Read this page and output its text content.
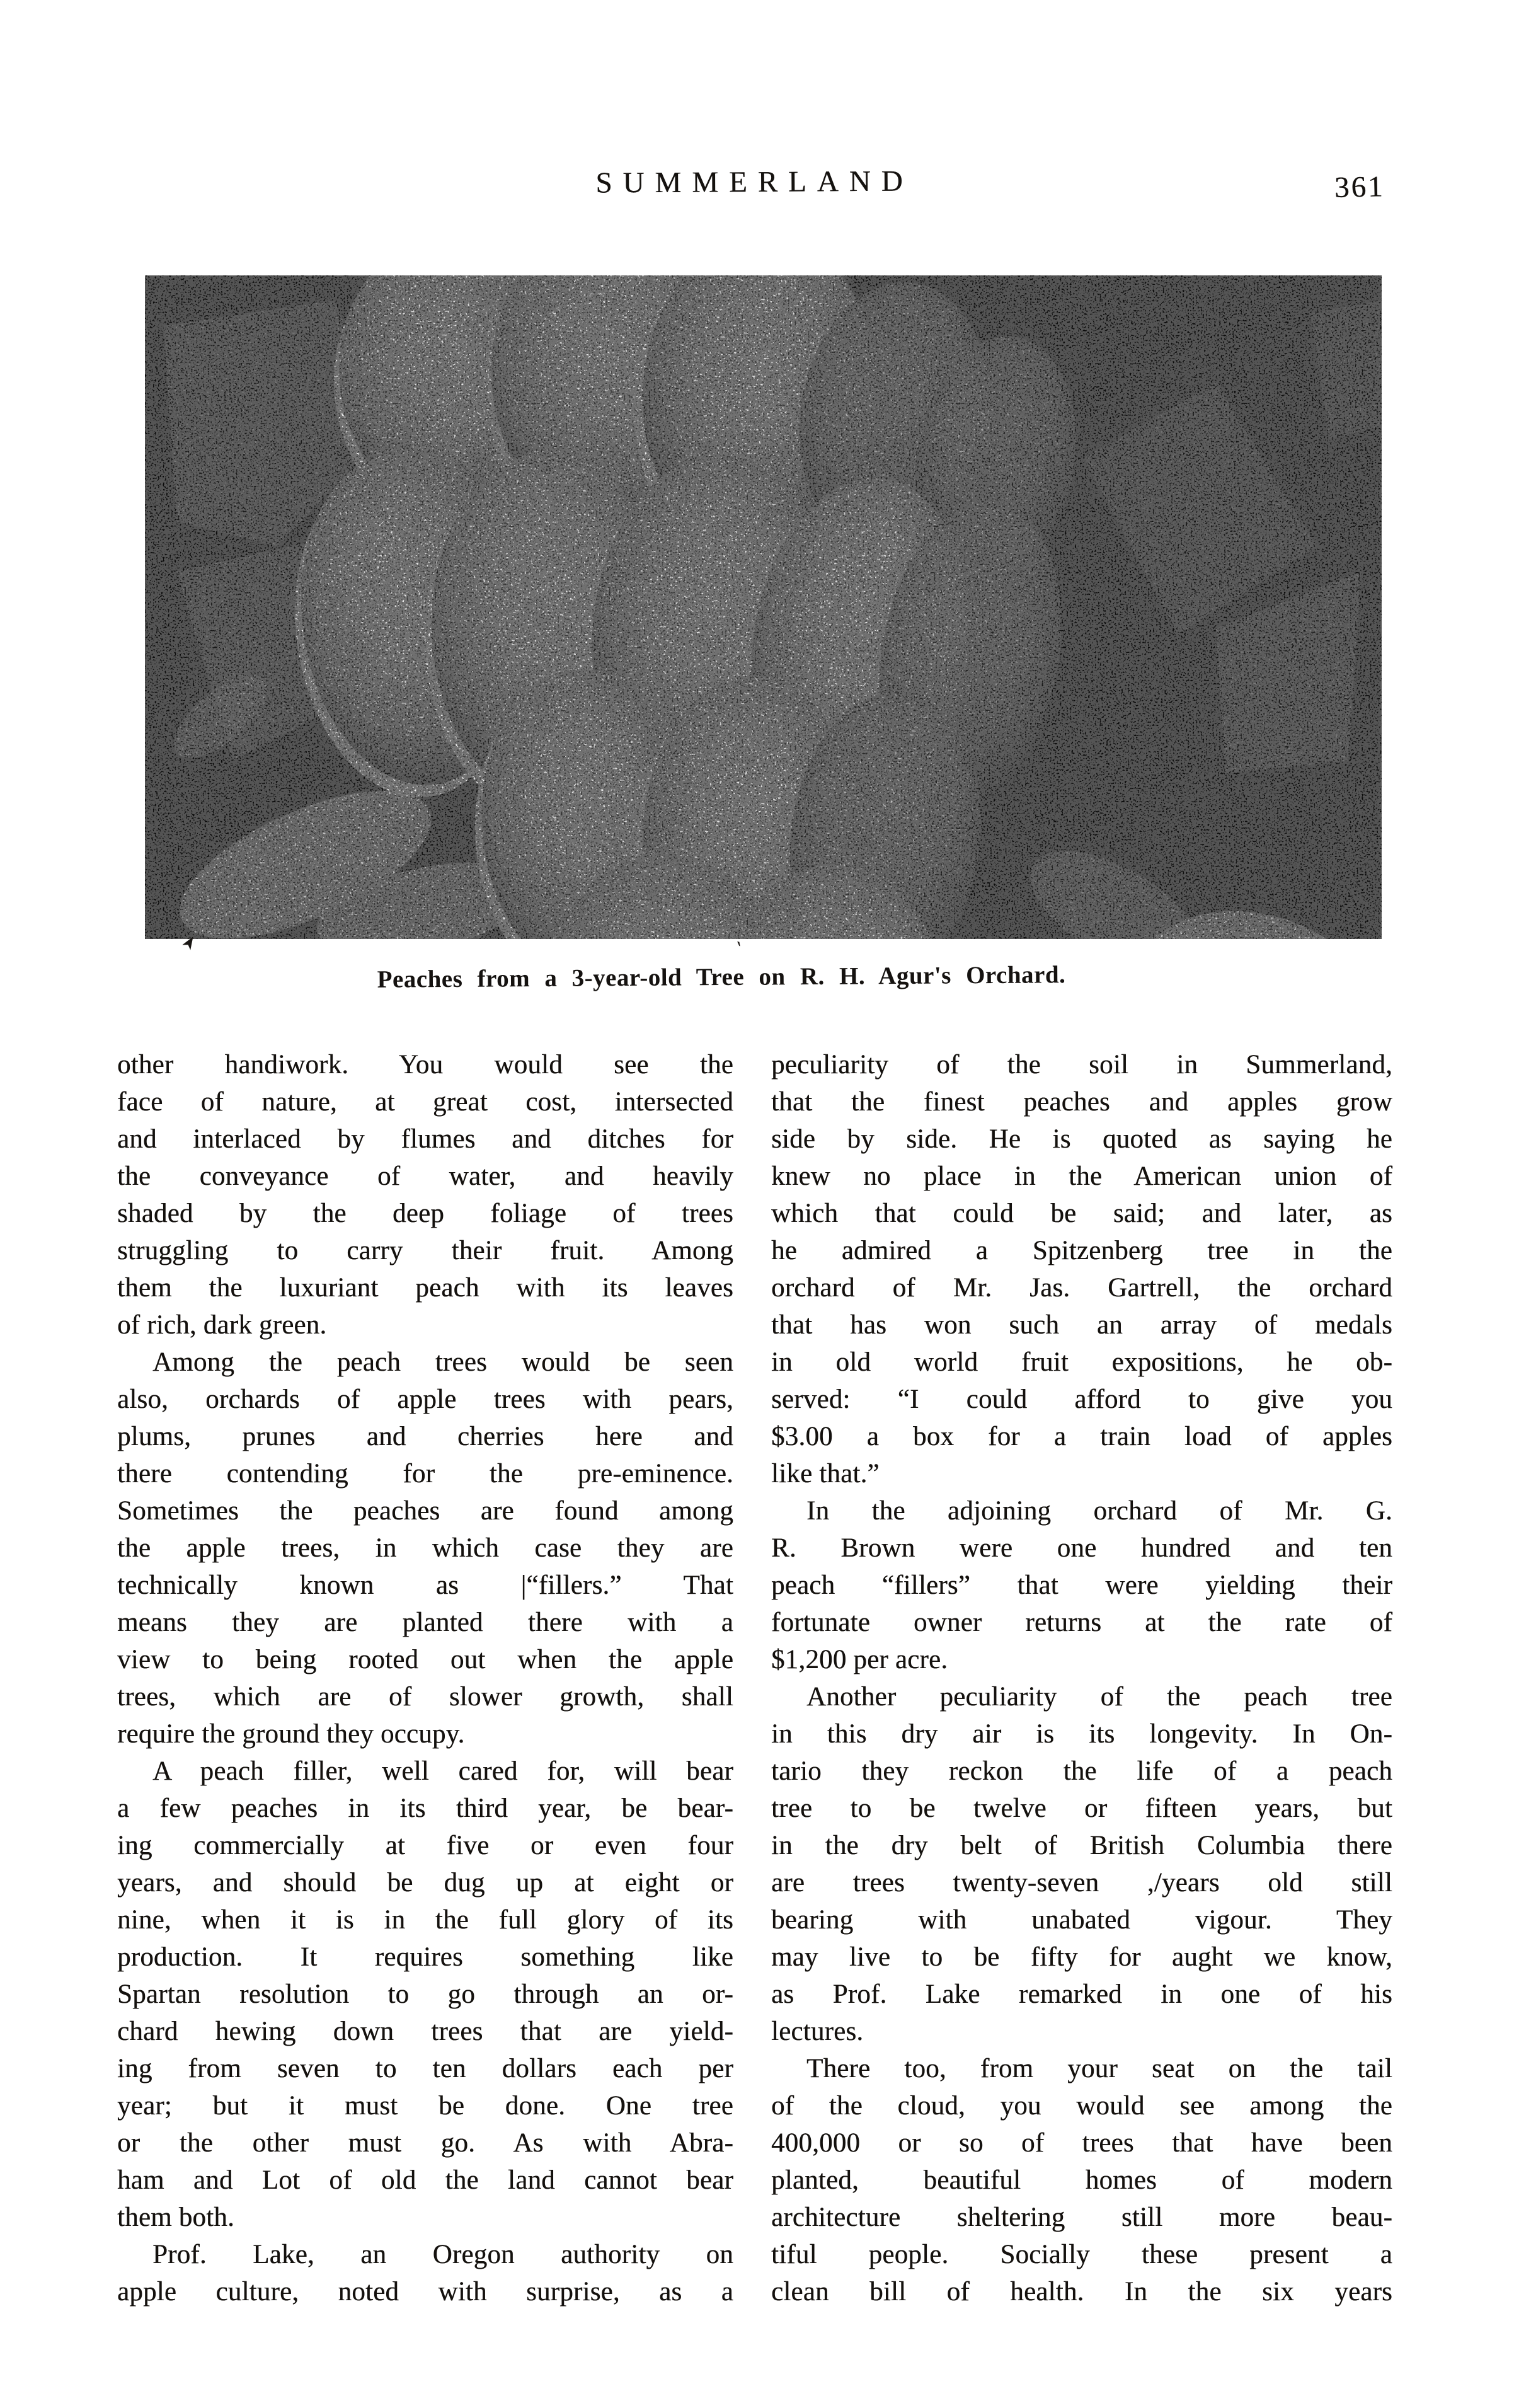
SUMMERLAND	361
➤	‵
Peaches from a 3-year-old Tree on R. H. Agur's Orchard.
other handiwork. You would see the
face of nature, at great cost, intersected
and interlaced by flumes and ditches for
the conveyance of water, and heavily
shaded by the deep foliage of trees
struggling to carry their fruit. Among
them the luxuriant peach with its leaves
of rich, dark green.
Among the peach trees would be seen
also, orchards of apple trees with pears,
plums, prunes and cherries here and
there contending for the pre-eminence.
Sometimes the peaches are found among
the apple trees, in which case they are
technically known as |“fillers.” That
means they are planted there with a
view to being rooted out when the apple
trees, which are of slower growth, shall
require the ground they occupy.
A peach filler, well cared for, will bear
a few peaches in its third year, be bear-
ing commercially at five or even four
years, and should be dug up at eight or
nine, when it is in the full glory of its
production. It requires something like
Spartan resolution to go through an or-
chard hewing down trees that are yield-
ing from seven to ten dollars each per
year; but it must be done. One tree
or the other must go. As with Abra-
ham and Lot of old the land cannot bear
them both.
Prof. Lake, an Oregon authority on
apple culture, noted with surprise, as a
peculiarity of the soil in Summerland,
that the finest peaches and apples grow
side by side. He is quoted as saying he
knew no place in the American union of
which that could be said; and later, as
he admired a Spitzenberg tree in the
orchard of Mr. Jas. Gartrell, the orchard
that has won such an array of medals
in old world fruit expositions, he ob-
served: “I could afford to give you
$3.00 a box for a train load of apples
like that.”
In the adjoining orchard of Mr. G.
R. Brown were one hundred and ten
peach “fillers” that were yielding their
fortunate owner returns at the rate of
$1,200 per acre.
Another peculiarity of the peach tree
in this dry air is its longevity. In On-
tario they reckon the life of a peach
tree to be twelve or fifteen years, but
in the dry belt of British Columbia there
are trees twenty-seven ,/years old still
bearing with unabated vigour. They
may live to be fifty for aught we know,
as Prof. Lake remarked in one of his
lectures.
There too, from your seat on the tail
of the cloud, you would see among the
400,000 or so of trees that have been
planted, beautiful homes of modern
architecture sheltering still more beau-
tiful people. Socially these present a
clean bill of health. In the six years
